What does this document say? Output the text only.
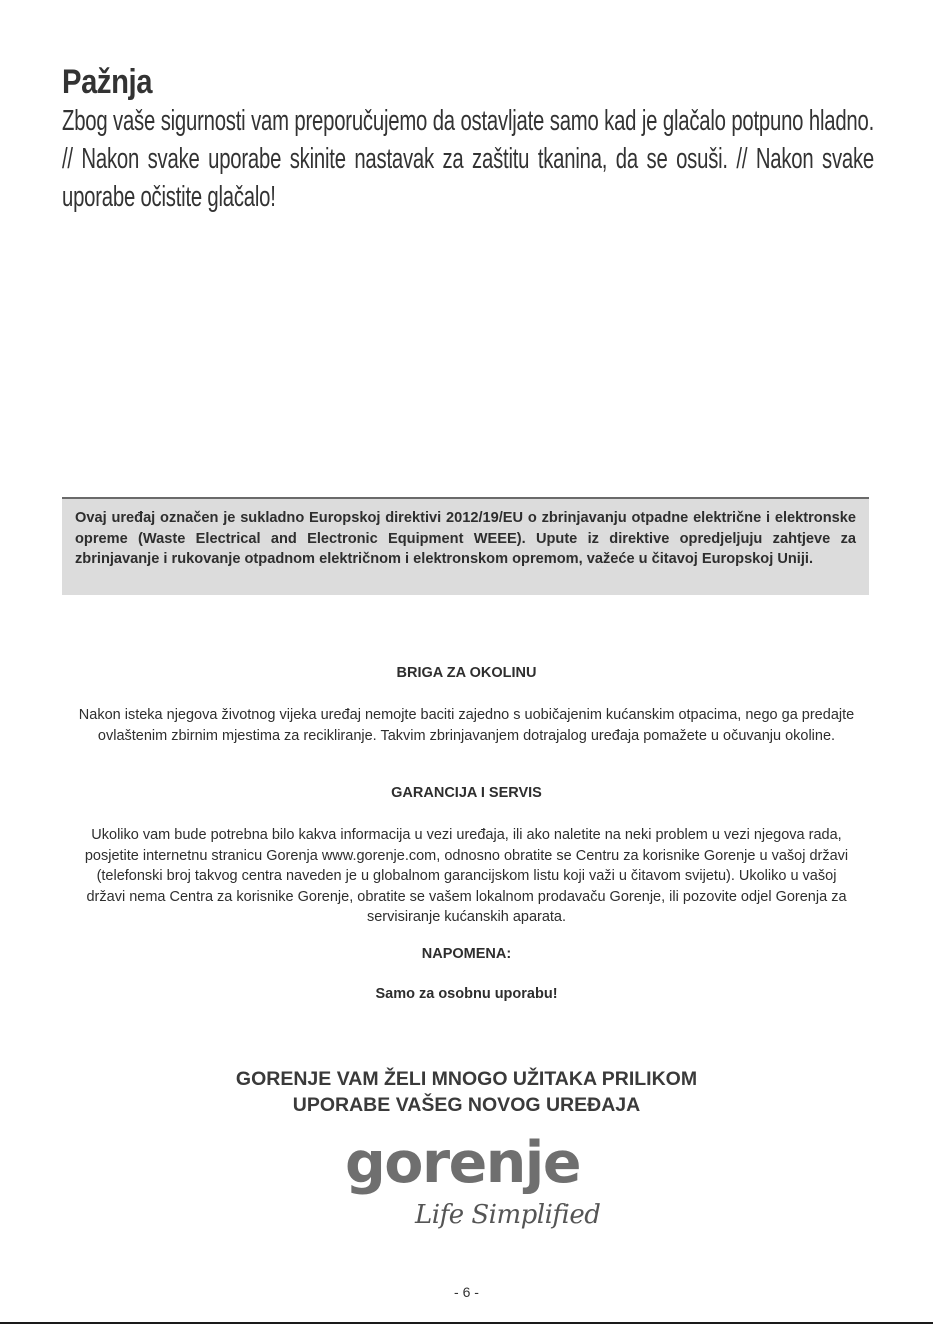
Pažnja

Zbog vaše sigurnosti vam preporučujemo da ostavljate samo kad je glačalo potpuno hladno. // Nakon svake uporabe skinite nastavak za zaštitu tkanina, da se osuši. // Nakon svake uporabe očistite glačalo!

Ovaj uređaj označen je sukladno Europskoj direktivi 2012/19/EU o zbrinjavanju otpadne električne i elektronske opreme (Waste Electrical and Electronic Equipment WEEE). Upute iz direktive opredjeljuju zahtjeve za zbrinjavanje i rukovanje otpadnom električnom i elektronskom opremom, važeće u čitavoj Europskoj Uniji.

BRIGA ZA OKOLINU

Nakon isteka njegova životnog vijeka uređaj nemojte baciti zajedno s uobičajenim kućanskim otpacima, nego ga predajte ovlaštenim zbirnim mjestima za recikliranje. Takvim zbrinjavanjem dotrajalog uređaja pomažete u očuvanju okoline.

GARANCIJA I SERVIS

Ukoliko vam bude potrebna bilo kakva informacija u vezi uređaja, ili ako naletite na neki problem u vezi njegova rada, posjetite internetnu stranicu Gorenja www.gorenje.com, odnosno obratite se Centru za korisnike Gorenje u vašoj državi (telefonski broj takvog centra naveden je u globalnom garancijskom listu koji važi u čitavom svijetu). Ukoliko u vašoj državi nema Centra za korisnike Gorenje, obratite se vašem lokalnom prodavaču Gorenje, ili pozovite odjel Gorenja za servisiranje kućanskih aparata.

NAPOMENA:

Samo za osobnu uporabu!

GORENJE VAM ŽELI MNOGO UŽITAKA PRILIKOM
UPORABE VAŠEG NOVOG UREĐAJA
gorenje
Life Simplified
- 6 -
